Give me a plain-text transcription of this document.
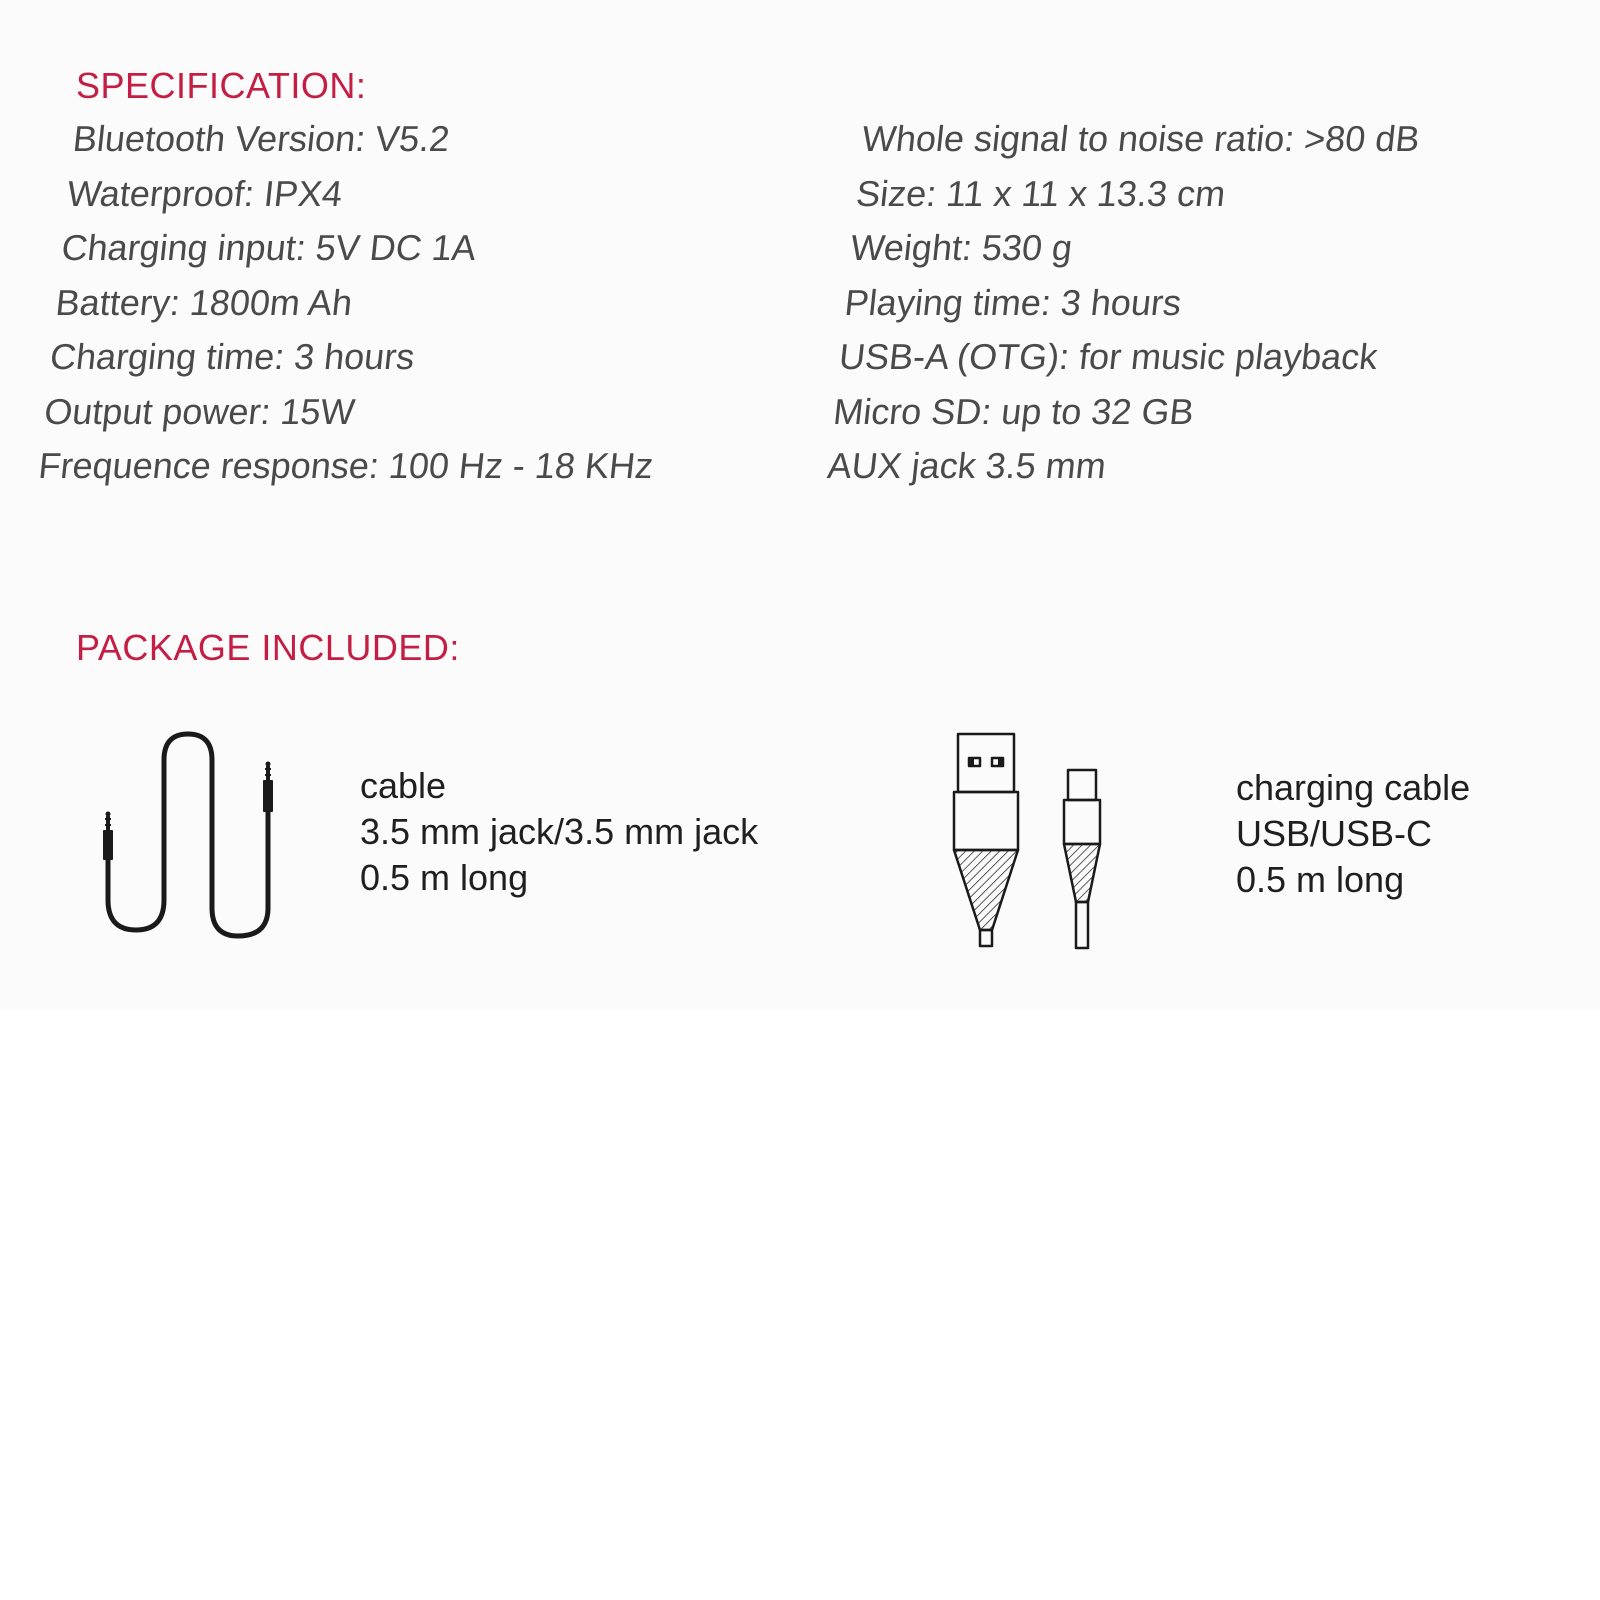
SPECIFICATION:
Bluetooth Version: V5.2
Waterproof: IPX4
Charging input: 5V DC 1A
Battery: 1800m Ah
Charging time: 3 hours
Output power: 15W
Frequence response: 100 Hz - 18 KHz
Whole signal to noise ratio: >80 dB
Size: 11 x 11 x 13.3 cm
Weight: 530 g
Playing time: 3 hours
USB-A (OTG): for music playback
Micro SD: up to 32 GB
AUX jack 3.5 mm
PACKAGE INCLUDED:
cable
3.5 mm jack/3.5 mm jack
0.5 m long
charging cable
USB/USB-C
0.5 m long
